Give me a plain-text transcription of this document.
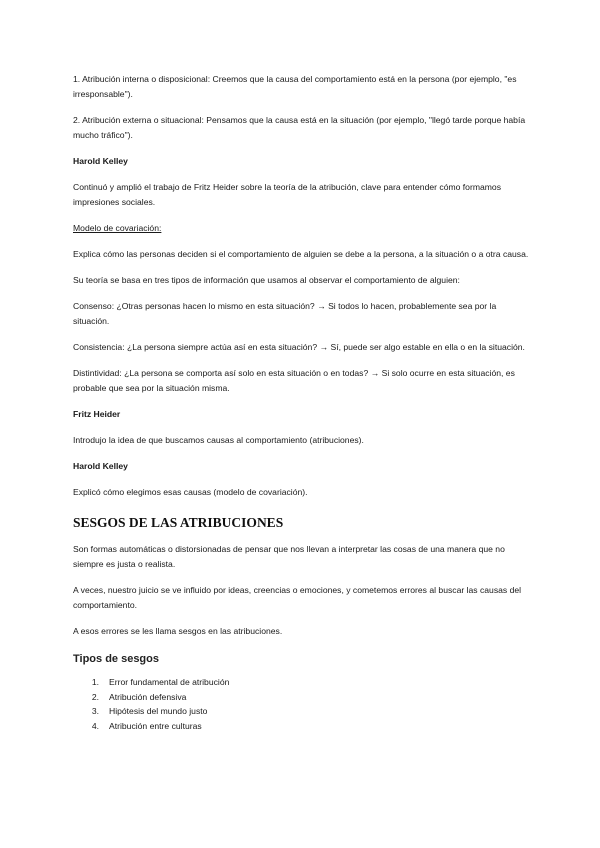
1. Atribución interna o disposicional: Creemos que la causa del comportamiento está en la persona (por ejemplo, "es irresponsable").

2. Atribución externa o situacional: Pensamos que la causa está en la situación (por ejemplo, "llegó tarde porque había mucho tráfico").

Harold Kelley

Continuó y amplió el trabajo de Fritz Heider sobre la teoría de la atribución, clave para entender cómo formamos impresiones sociales.

Modelo de covariación:

Explica cómo las personas deciden si el comportamiento de alguien se debe a la persona, a la situación o a otra causa.

Su teoría se basa en tres tipos de información que usamos al observar el comportamiento de alguien:

Consenso: ¿Otras personas hacen lo mismo en esta situación? → Si todos lo hacen, probablemente sea por la situación.

Consistencia: ¿La persona siempre actúa así en esta situación? → Sí, puede ser algo estable en ella o en la situación.

Distintividad: ¿La persona se comporta así solo en esta situación o en todas? → Si solo ocurre en esta situación, es probable que sea por la situación misma.

Fritz Heider

Introdujo la idea de que buscamos causas al comportamiento (atribuciones).

Harold Kelley

Explicó cómo elegimos esas causas (modelo de covariación).

SESGOS DE LAS ATRIBUCIONES

Son formas automáticas o distorsionadas de pensar que nos llevan a interpretar las cosas de una manera que no siempre es justa o realista.

A veces, nuestro juicio se ve influido por ideas, creencias o emociones, y cometemos errores al buscar las causas del comportamiento.

A esos errores se les llama sesgos en las atribuciones.

Tipos de sesgos
1.	Error fundamental de atribución
2.	Atribución defensiva
3.	Hipótesis del mundo justo
4.	Atribución entre culturas
